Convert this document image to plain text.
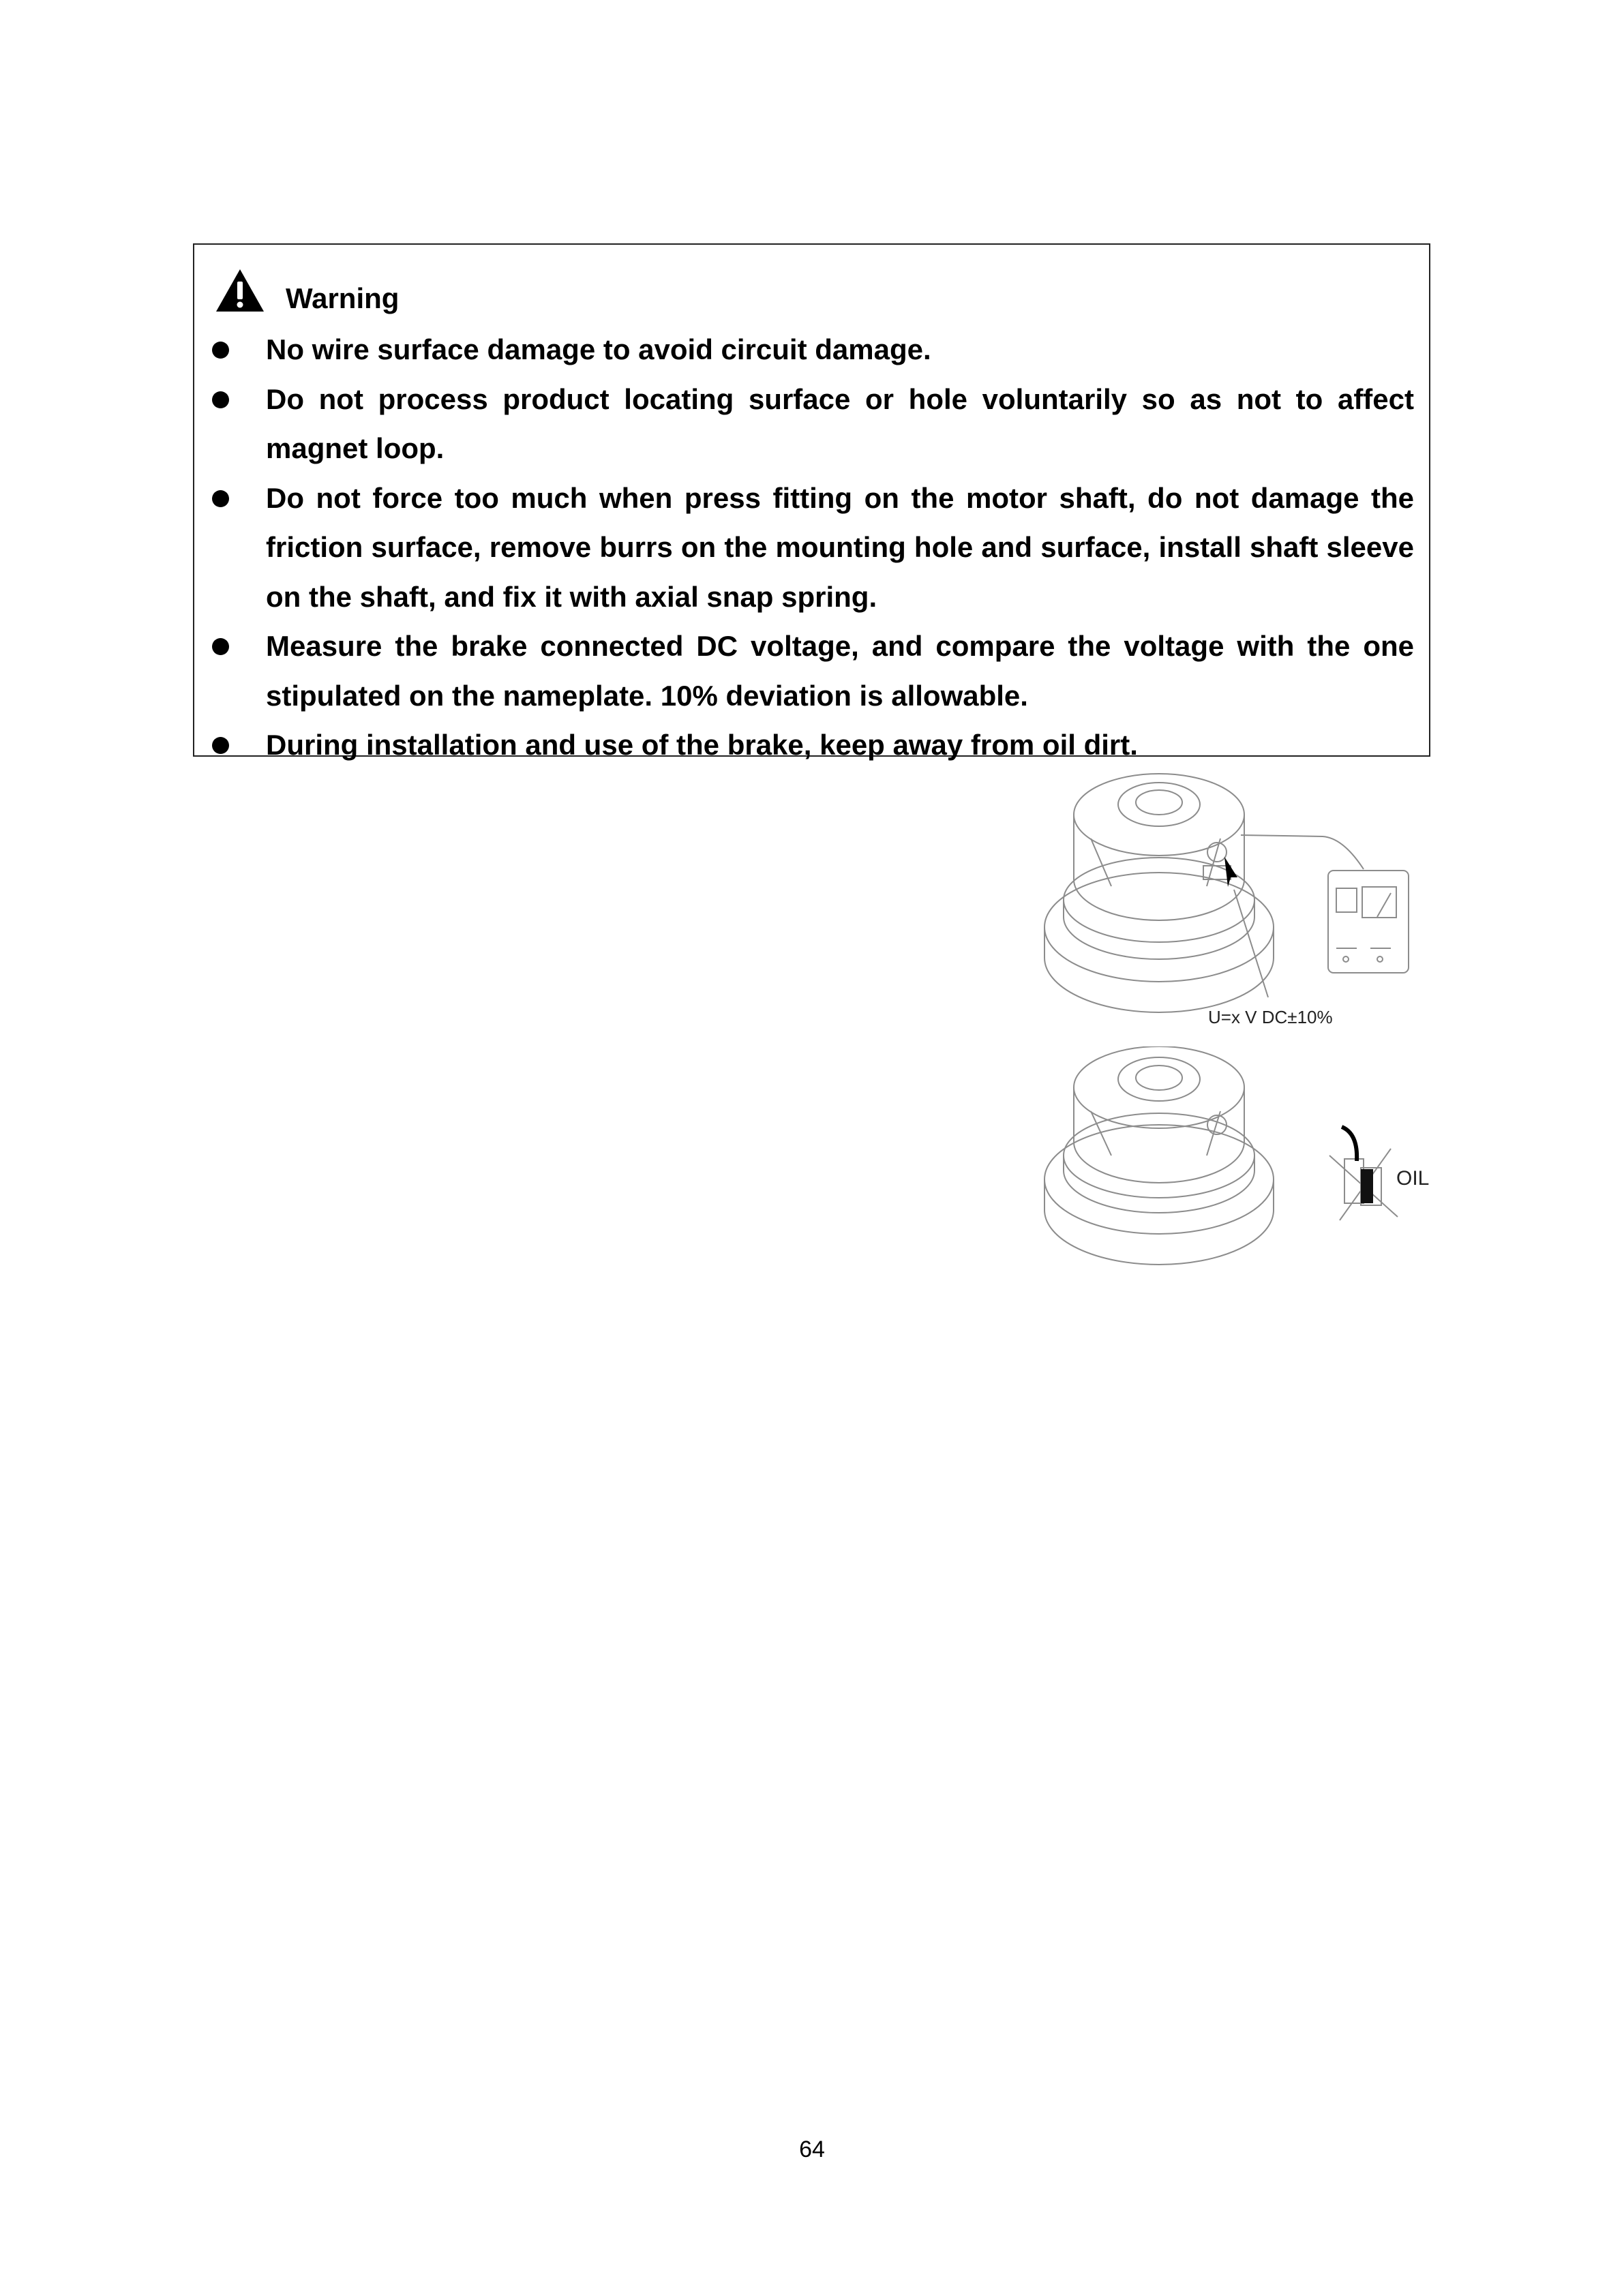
Warning
No wire surface damage to avoid circuit damage.
Do not process product locating surface or hole voluntarily so as not to affect magnet loop.
Do not force too much when press fitting on the motor shaft, do not damage the friction surface, remove burrs on the mounting hole and surface, install shaft sleeve on the shaft, and fix it with axial snap spring.
Measure the brake connected DC voltage, and compare the voltage with the one stipulated on the nameplate. 10% deviation is allowable.
During installation and use of the brake, keep away from oil dirt.
U=x V DC±10%
OIL
64
